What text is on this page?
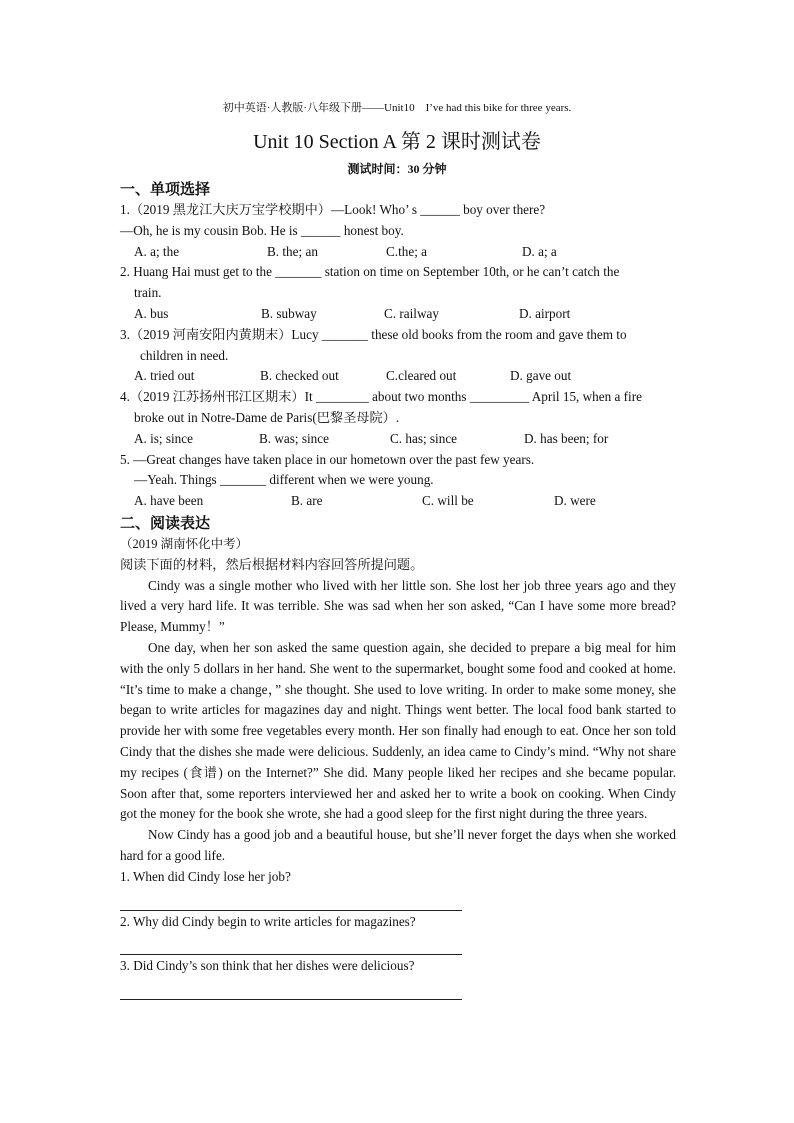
初中英语·人教版·八年级下册——Unit10　I’ve had this bike for three years.
Unit 10 Section A 第 2 课时测试卷
测试时间：30 分钟

一、单项选择

1.（2019 黑龙江大庆万宝学校期中）—Look! Who’ s ______ boy over there?

—Oh, he is my cousin Bob. He is ______ honest boy.

A. a; the	B. the; an	C.the; a	D. a; a

2. Huang Hai must get to the _______ station on time on September 10th, or he can’t catch the

train.

A. bus	B. subway	C. railway	D. airport

3.（2019 河南安阳内黄期末）Lucy _______ these old books from the room and gave them to

children in need.

A. tried out	B. checked out	C.cleared out	D. gave out

4.（2019 江苏扬州邗江区期末）It ________ about two months _________ April 15, when a fire

broke out in Notre-Dame de Paris(巴黎圣母院）.

A. is; since	B. was; since	C. has; since	D. has been; for

5. —Great changes have taken place in our hometown over the past few years.

—Yeah. Things _______ different when we were young.

A. have been	B. are	C. will be	D. were

二、阅读表达

（2019 湖南怀化中考）

阅读下面的材料，然后根据材料内容回答所提问题。

Cindy was a single mother who lived with her little son. She lost her job three years ago and they lived a very hard life. It was terrible. She was sad when her son asked, “Can I have some more bread?Please, Mummy！”

One day, when her son asked the same question again, she decided to prepare a big meal for him with the only 5 dollars in her hand. She went to the supermarket, bought some food and cooked at home. “It’s time to make a change，” she thought. She used to love writing. In order to make some money, she began to write articles for magazines day and night. Things went better. The local food bank started to provide her with some free vegetables every month. Her son finally had enough to eat. Once her son told Cindy that the dishes she made were delicious. Suddenly, an idea came to Cindy’s mind. “Why not share my recipes (食谱) on the Internet?” She did. Many people liked her recipes and she became popular. Soon after that, some reporters interviewed her and asked her to write a book on cooking. When Cindy got the money for the book she wrote, she had a good sleep for the first night during the three years.

Now Cindy has a good job and a beautiful house, but she’ll never forget the days when she worked hard for a good life.

1. When did Cindy lose her job?

2. Why did Cindy begin to write articles for magazines?

3. Did Cindy’s son think that her dishes were delicious?
